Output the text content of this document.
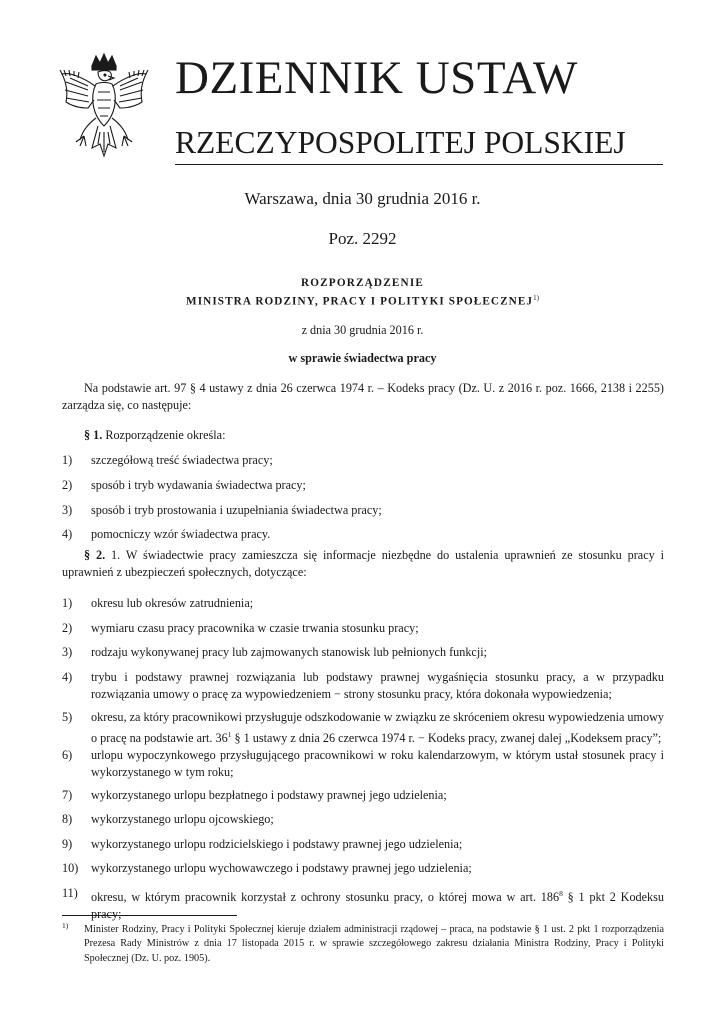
DZIENNIK USTAW
RZECZYPOSPOLITEJ POLSKIEJ
Warszawa, dnia 30 grudnia 2016 r.
Poz. 2292
ROZPORZĄDZENIE
MINISTRA RODZINY, PRACY I POLITYKI SPOŁECZNEJ$^{1)}$
z dnia 30 grudnia 2016 r.
w sprawie świadectwa pracy
Na podstawie art. 97 § 4 ustawy z dnia 26 czerwca 1974 r. – Kodeks pracy (Dz. U. z 2016 r. poz. 1666, 2138 i 2255) zarządza się, co następuje:
§ 1. Rozporządzenie określa:
1)	szczegółową treść świadectwa pracy;
2)	sposób i tryb wydawania świadectwa pracy;
3)	sposób i tryb prostowania i uzupełniania świadectwa pracy;
4)	pomocniczy wzór świadectwa pracy.
§ 2. 1. W świadectwie pracy zamieszcza się informacje niezbędne do ustalenia uprawnień ze stosunku pracy i uprawnień z ubezpieczeń społecznych, dotyczące:
1)	okresu lub okresów zatrudnienia;
2)	wymiaru czasu pracy pracownika w czasie trwania stosunku pracy;
3)	rodzaju wykonywanej pracy lub zajmowanych stanowisk lub pełnionych funkcji;
4)	trybu i podstawy prawnej rozwiązania lub podstawy prawnej wygaśnięcia stosunku pracy, a w przypadku rozwiązania umowy o pracę za wypowiedzeniem − strony stosunku pracy, która dokonała wypowiedzenia;
5)	okresu, za który pracownikowi przysługuje odszkodowanie w związku ze skróceniem okresu wypowiedzenia umowy o pracę na podstawie art. $36^1$ § 1 ustawy z dnia 26 czerwca 1974 r. − Kodeks pracy, zwanej dalej „Kodeksem pracy”;
6)	urlopu wypoczynkowego przysługującego pracownikowi w roku kalendarzowym, w którym ustał stosunek pracy i wykorzystanego w tym roku;
7)	wykorzystanego urlopu bezpłatnego i podstawy prawnej jego udzielenia;
8)	wykorzystanego urlopu ojcowskiego;
9)	wykorzystanego urlopu rodzicielskiego i podstawy prawnej jego udzielenia;
10)	wykorzystanego urlopu wychowawczego i podstawy prawnej jego udzielenia;
11)	okresu, w którym pracownik korzystał z ochrony stosunku pracy, o której mowa w art. $186^8$ § 1 pkt 2 Kodeksu pracy;
1) Minister Rodziny, Pracy i Polityki Społecznej kieruje działem administracji rządowej – praca, na podstawie § 1 ust. 2 pkt 1 rozporządzenia Prezesa Rady Ministrów z dnia 17 listopada 2015 r. w sprawie szczegółowego zakresu działania Ministra Rodziny, Pracy i Polityki Społecznej (Dz. U. poz. 1905).
